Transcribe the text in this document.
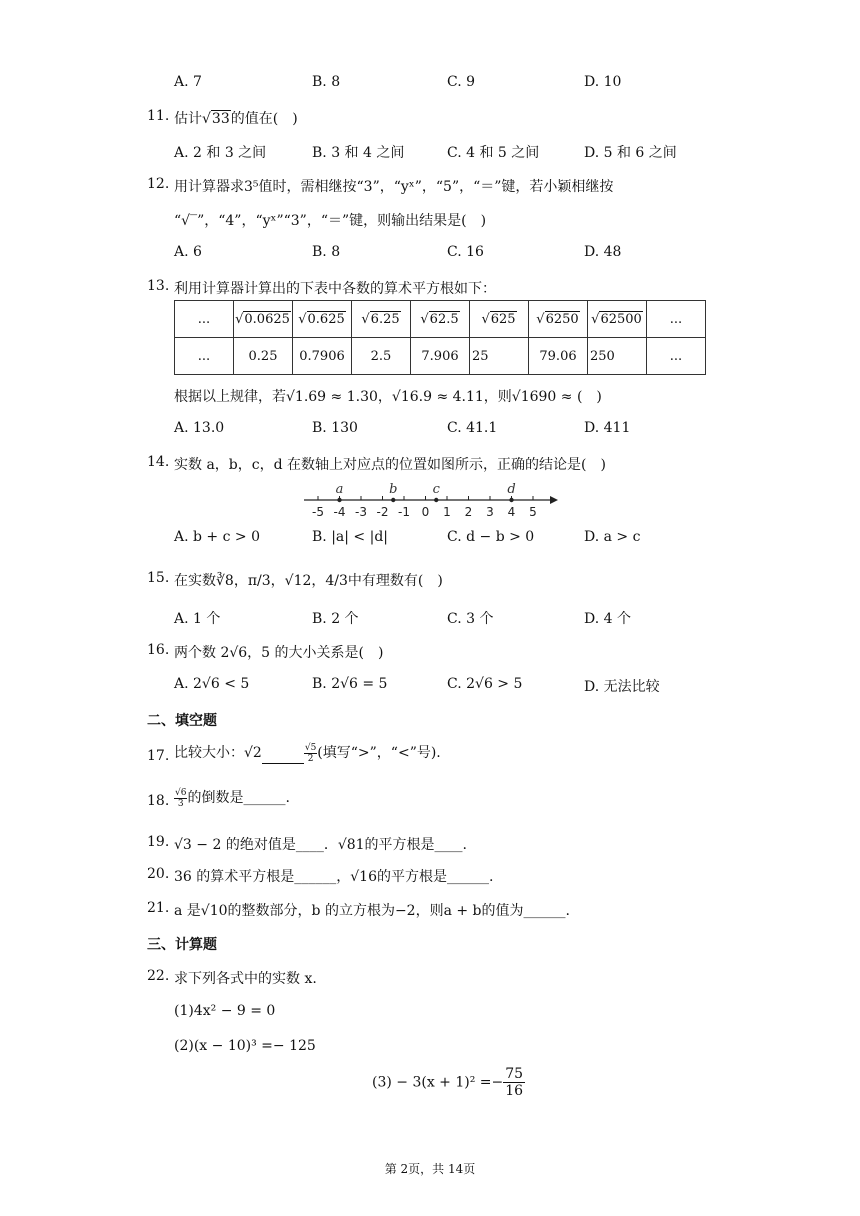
A. 7	B. 8	C. 9	D. 10
11. 估计√33的值在(　)
A. 2 和 3 之间	B. 3 和 4 之间	C. 4 和 5 之间	D. 5 和 6 之间
12. 用计算器求3⁵值时，需相继按“3”，“yˣ”，“5”，“＝”键，若小颖相继按
“√‾”，“4”，“yˣ”“3”，“＝”键，则输出结果是(　)
A. 6	B. 8	C. 16	D. 48
13. 利用计算器计算出的下表中各数的算术平方根如下：
...	√0.0625	√0.625	√6.25	√62.5	√625	√6250	√62500	...
...	0.25	0.7906	2.5	7.906	25	79.06	250	...
根据以上规律，若√1.69 ≈ 1.30，√16.9 ≈ 4.11，则√1690 ≈ (　)
A. 13.0	B. 130	C. 41.1	D. 411
14. 实数 a，b，c，d 在数轴上对应点的位置如图所示，正确的结论是(　)
-5 -4 -3 -2 -1 0 1 2 3 4 5
a	b	c	d
A. b + c > 0	B. |a| < |d|	C. d − b > 0	D. a > c
15. 在实数∛8，π/3，√12，4/3中有理数有(　)
A. 1 个	B. 2 个	C. 3 个	D. 4 个
16. 两个数 2√6，5 的大小关系是(　)
A. 2√6 < 5	B. 2√6 = 5	C. 2√6 > 5	D. 无法比较
二、填空题
17. 比较大小：√2	$\frac{√5}{2}$ (填写“>”，“<”号).
18. $\frac{√6}{3}$ 的倒数是______.
19. √3 − 2 的绝对值是____．√81的平方根是____.
20. 36 的算术平方根是______，√16的平方根是______.
21. a 是√10的整数部分，b 的立方根为−2，则a + b的值为______.
三、计算题
22. 求下列各式中的实数 x.
(1)4x² − 9 = 0
(2)(x − 10)³ =− 125
$(3) - 3(x + 1)^2 =- \frac{75}{16}$
第 2页，共 14页
